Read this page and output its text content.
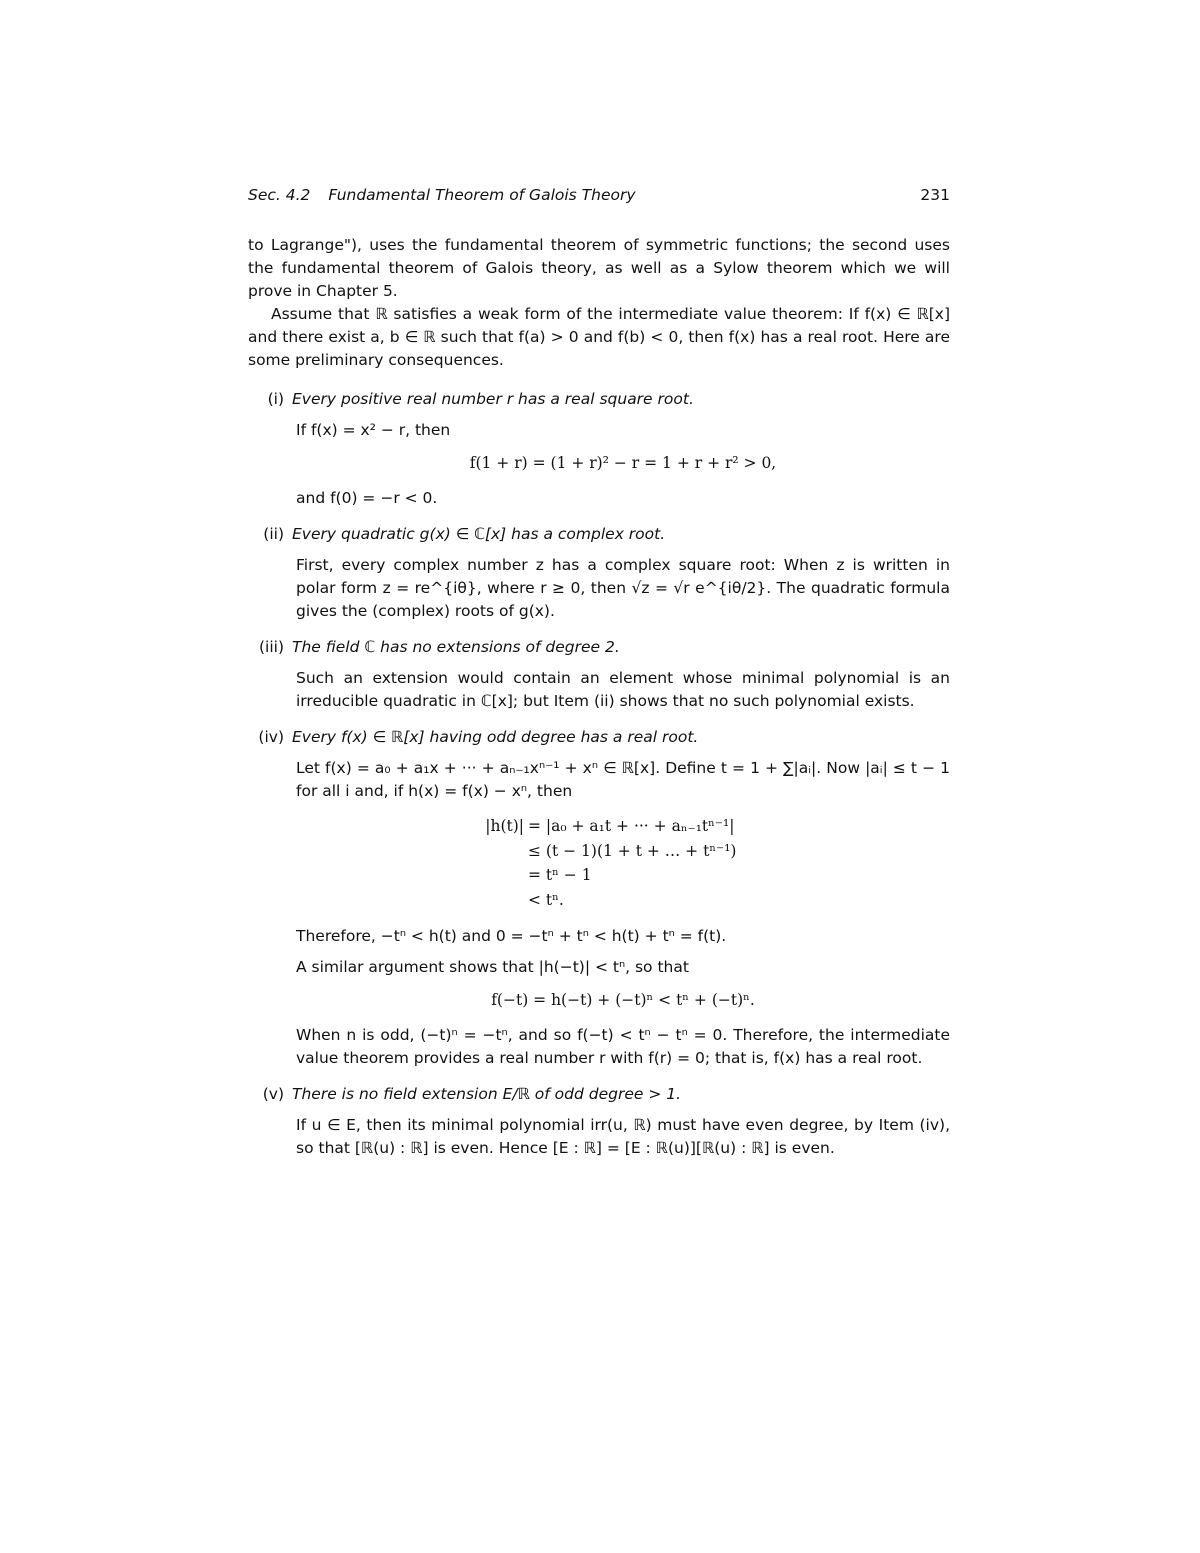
Sec. 4.2 Fundamental Theorem of Galois Theory	231

to Lagrange"), uses the fundamental theorem of symmetric functions; the second uses the fundamental theorem of Galois theory, as well as a Sylow theorem which we will prove in Chapter 5.

Assume that ℝ satisfies a weak form of the intermediate value theorem: If f(x) ∈ ℝ[x] and there exist a, b ∈ ℝ such that f(a) > 0 and f(b) < 0, then f(x) has a real root. Here are some preliminary consequences.

(i) Every positive real number r has a real square root.

If f(x) = x² − r, then

f(1 + r) = (1 + r)² − r = 1 + r + r² > 0,

and f(0) = −r < 0.

(ii) Every quadratic g(x) ∈ ℂ[x] has a complex root.

First, every complex number z has a complex square root: When z is written in polar form z = re^{iθ}, where r ≥ 0, then √z = √r e^{iθ/2}. The quadratic formula gives the (complex) roots of g(x).

(iii) The field ℂ has no extensions of degree 2.

Such an extension would contain an element whose minimal polynomial is an irreducible quadratic in ℂ[x]; but Item (ii) shows that no such polynomial exists.

(iv) Every f(x) ∈ ℝ[x] having odd degree has a real root.

Let f(x) = a₀ + a₁x + ··· + aₙ₋₁xⁿ⁻¹ + xⁿ ∈ ℝ[x]. Define t = 1 + ∑|aᵢ|. Now |aᵢ| ≤ t − 1 for all i and, if h(x) = f(x) − xⁿ, then

|h(t)| = |a₀ + a₁t + ··· + aₙ₋₁tⁿ⁻¹|
≤ (t − 1)(1 + t + … + tⁿ⁻¹)
= tⁿ − 1
< tⁿ.

Therefore, −tⁿ < h(t) and 0 = −tⁿ + tⁿ < h(t) + tⁿ = f(t).

A similar argument shows that |h(−t)| < tⁿ, so that

f(−t) = h(−t) + (−t)ⁿ < tⁿ + (−t)ⁿ.

When n is odd, (−t)ⁿ = −tⁿ, and so f(−t) < tⁿ − tⁿ = 0. Therefore, the intermediate value theorem provides a real number r with f(r) = 0; that is, f(x) has a real root.

(v) There is no field extension E/ℝ of odd degree > 1.

If u ∈ E, then its minimal polynomial irr(u, ℝ) must have even degree, by Item (iv), so that [ℝ(u) : ℝ] is even. Hence [E : ℝ] = [E : ℝ(u)][ℝ(u) : ℝ] is even.
